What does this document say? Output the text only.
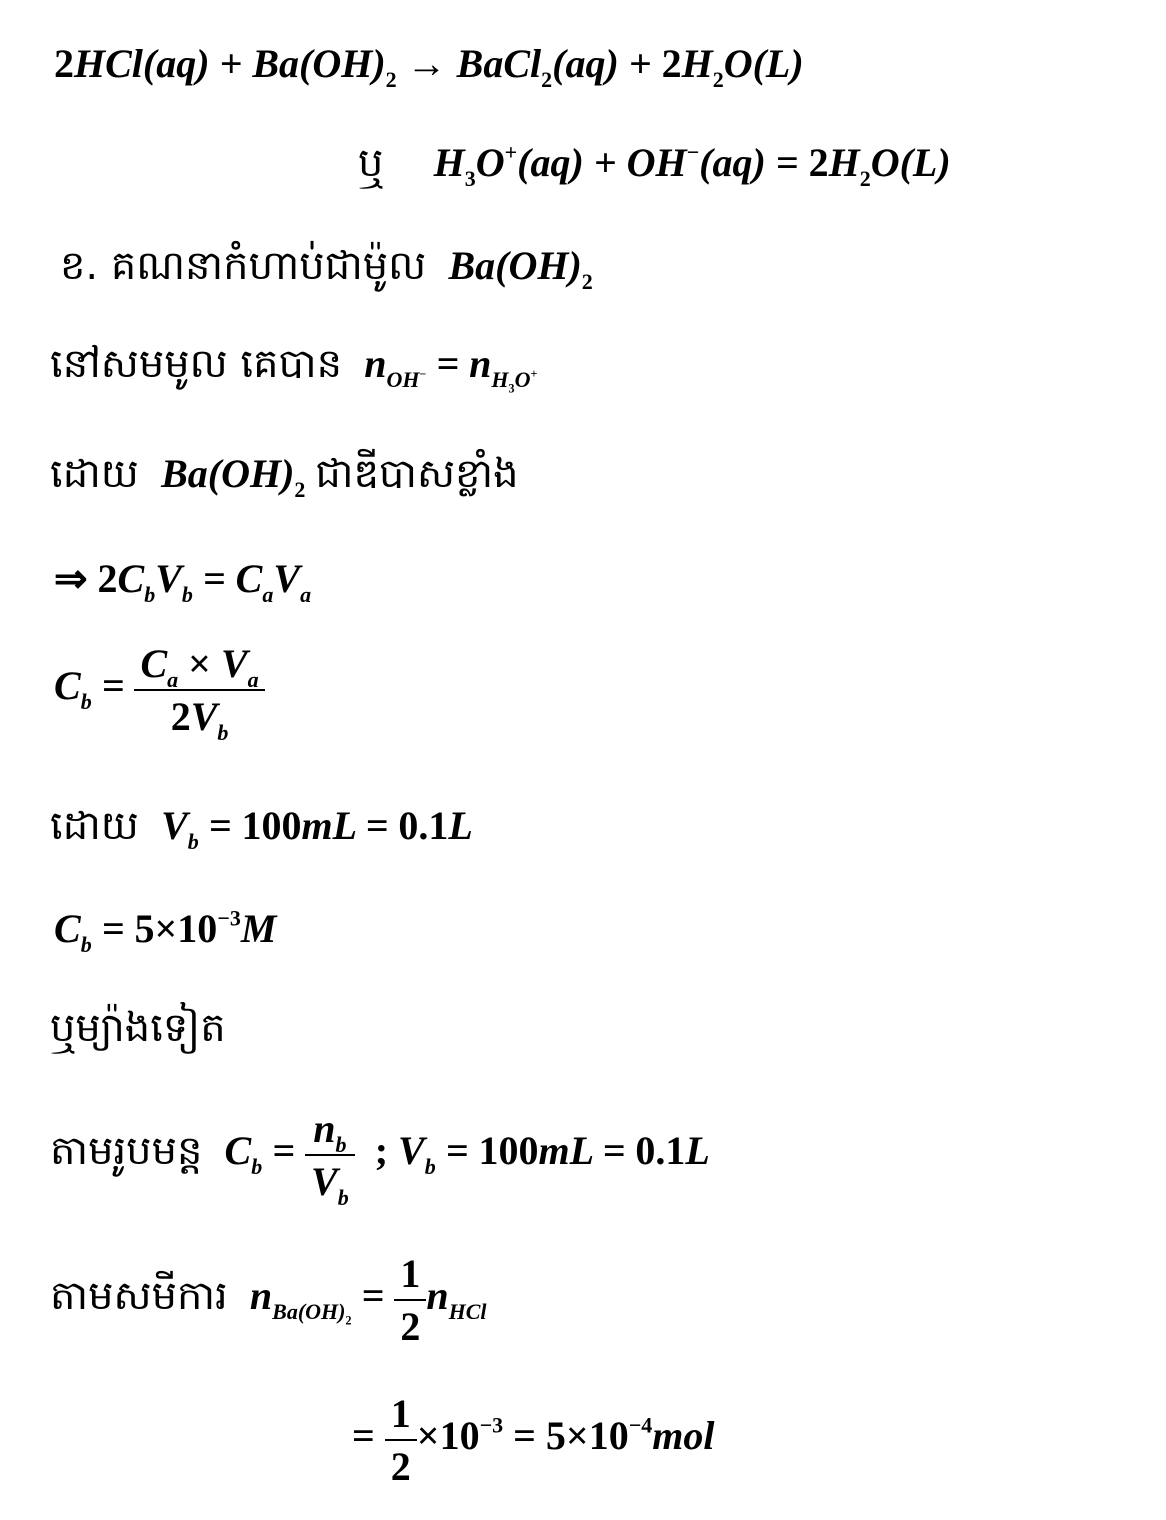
$2HCl(aq) + Ba(OH)_2$ → BaCl$_2$(aq) + $2H_2O(L)$
ឬ  $H_3O^+(aq) + OH^-(aq) = 2H_2O(L)$
ខ. គណនាកំហាប់ជាម៉ូល  $Ba(OH)_2$
នៅសមមូល គេបាន  $n_{OH^-} = n_{H_3O^+}$
ដោយ  $Ba(OH)_2$ ជាឌីបាសខ្លាំង
⇒ $2C_bV_b = C_aV_a$
$C_b = \frac{C_a \times V_a}{2V_b}$
ដោយ  $V_b = 100mL = 0.1L$
$C_b = 5\times 10^{-3}M$
ឬម្យ៉ាងទៀត
តាមរូបមន្ត  $C_b = \frac{n_b}{V_b}$ ; $V_b = 100mL = 0.1L$
តាមសមីការ  $n_{Ba(OH)_2} = \frac{1}{2} n_{HCl}$
= $\frac{1}{2} \times 10^{-3} = 5\times 10^{-4}mol$
